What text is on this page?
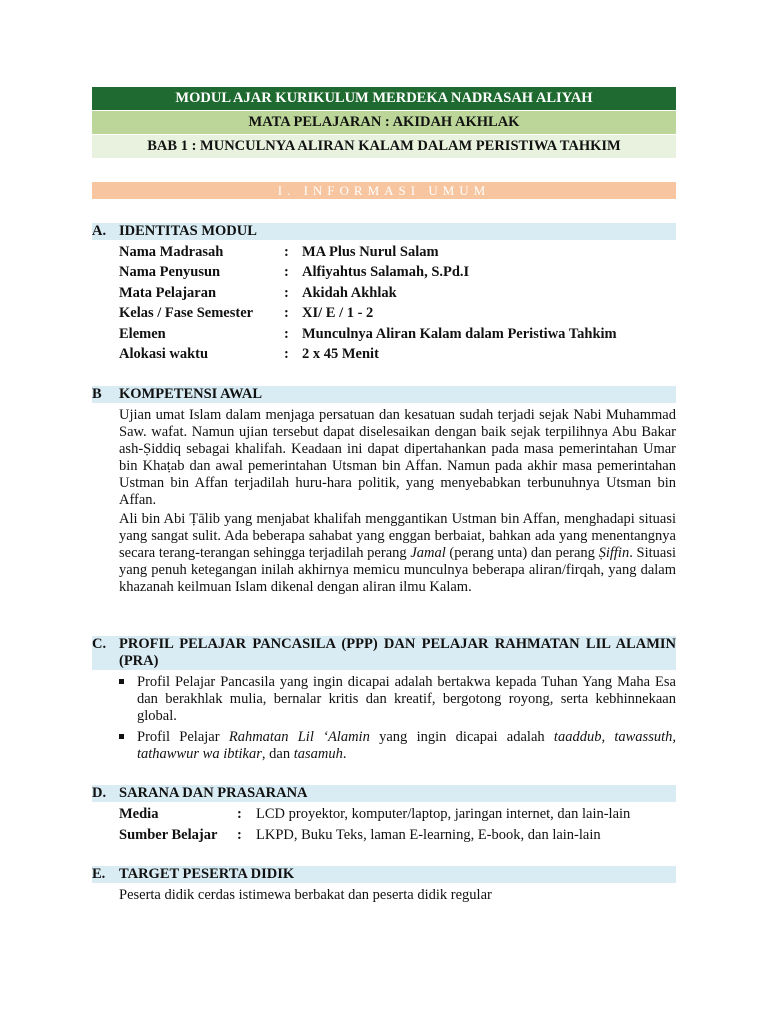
MODUL AJAR KURIKULUM MERDEKA NADRASAH ALIYAH
MATA PELAJARAN : AKIDAH AKHLAK
BAB 1 : MUNCULNYA ALIRAN KALAM DALAM PERISTIWA TAHKIM
I. INFORMASI UMUM
A. IDENTITAS MODUL
Nama Madrasah	: MA Plus Nurul Salam
Nama Penyusun	: Alfiyahtus Salamah, S.Pd.I
Mata Pelajaran	: Akidah Akhlak
Kelas / Fase Semester	: XI/ E / 1 - 2
Elemen	: Munculnya Aliran Kalam dalam Peristiwa Tahkim
Alokasi waktu	: 2 x 45 Menit
B KOMPETENSI AWAL
Ujian umat Islam dalam menjaga persatuan dan kesatuan sudah terjadi sejak Nabi Muhammad Saw. wafat. Namun ujian tersebut dapat diselesaikan dengan baik sejak terpilihnya Abu Bakar ash-Ṣiddiq sebagai khalifah. Keadaan ini dapat dipertahankan pada masa pemerintahan Umar bin Khaṭab dan awal pemerintahan Utsman bin Affan. Namun pada akhir masa pemerintahan Ustman bin Affan terjadilah huru-hara politik, yang menyebabkan terbunuhnya Utsman bin Affan.
Ali bin Abi Ṭālib yang menjabat khalifah menggantikan Ustman bin Affan, menghadapi situasi yang sangat sulit. Ada beberapa sahabat yang enggan berbaiat, bahkan ada yang menentangnya secara terang-terangan sehingga terjadilah perang Jamal (perang unta) dan perang Ṣiffin. Situasi yang penuh ketegangan inilah akhirnya memicu munculnya beberapa aliran/firqah, yang dalam khazanah keilmuan Islam dikenal dengan aliran ilmu Kalam.
C. PROFIL PELAJAR PANCASILA (PPP) DAN PELAJAR RAHMATAN LIL ALAMIN (PRA)
Profil Pelajar Pancasila yang ingin dicapai adalah bertakwa kepada Tuhan Yang Maha Esa dan berakhlak mulia, bernalar kritis dan kreatif, bergotong royong, serta kebhinnekaan global.
Profil Pelajar Rahmatan Lil ‘Alamin yang ingin dicapai adalah taaddub, tawassuth, tathawwur wa ibtikar, dan tasamuh.
D. SARANA DAN PRASARANA
Media	: LCD proyektor, komputer/laptop, jaringan internet, dan lain-lain
Sumber Belajar : LKPD, Buku Teks, laman E-learning, E-book, dan lain-lain
E. TARGET PESERTA DIDIK
Peserta didik cerdas istimewa berbakat dan peserta didik regular
